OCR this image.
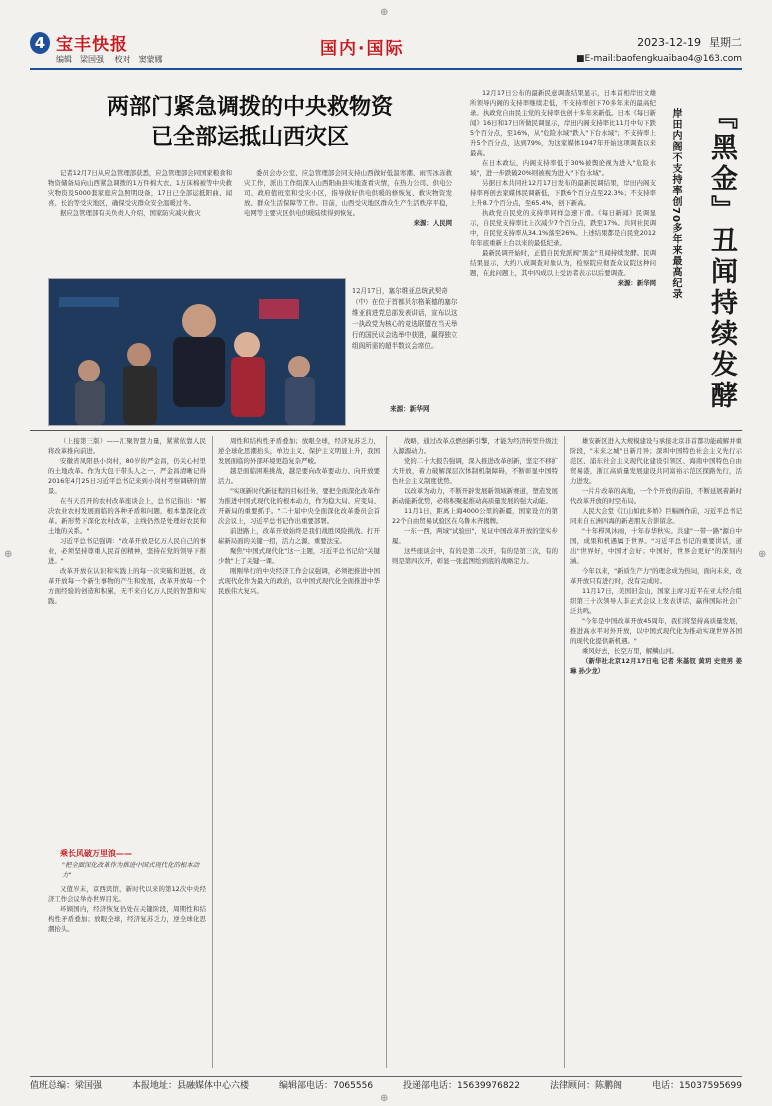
⊕
⊕
⊕	⊕
4 宝丰快报
编辑 梁国强 校对 窦蒙娜
国内·国际	2023-12-19 星期二
■E-mail:baofengkuaibao4@163.com
两部门紧急调拨的中央救物资
已全部运抵山西灾区

记者12月7日从应急管理部获悉，应急管理部会同国家粮食和物资储备局向山西紧急调拨的1万件棉大衣、1万床棉被等中央救灾物资及5000套家庭应急照明设备，17日已全部运抵阳曲、闻喜、长治等受灾地区，确保受灾群众安全温暖过冬。

据应急管理部有关负责人介绍，国家防灾减灾救灾

委员会办公室、应急管理部会同支持山西做好低温寒潮、雨雪冰冻救灾工作，派出工作组深入山西阳曲县实地查看灾情，在热力公司、供电公司、政府值班室和受灾小区，指导做好供电供暖的修恢复、救灾物资发放、群众生活保障等工作。目前，山西受灾地区群众生产生活秩序平稳，电网等主要灾区供电供暖陆续得到恢复。

来源：人民网

12月17日，塞尔维亚总统武契奇（中）在位于首都贝尔格莱德的塞尔维亚前进党总部发表讲话，宣布以这一执政党为核心的竞选联盟在当天举行的国民议会选举中获胜，赢得独立组阁所需的超半数议会席位。
来源：新华网

12月17日公布的最新民意调查结果显示，日本首相岸田文雄所领导内阁的支持率继续走低，不支持率创下70多年来的最高纪录。执政党自由民主党的支持率也创十多年来新低。日本《每日新闻》16日和17日所做民调显示，岸田内阁支持率比11月中旬下跌5个百分点，至16%，从"危险水域"跌入"下台水域"；不支持率上升5个百分点，达到79%，为这家媒体1947年开始这项调查以来最高。

在日本政坛，内阁支持率低于30%被舆论视为进入"危险水域"，进一步跌破20%则被视为进入"下台水域"。

另据日本共同社12月17日发布的最新民调结果，岸田内阁支持率再创去家媒体民调新低，下跌6个百分点至22.3%；不支持率上升8.7个百分点，至65.4%，创下新高。

执政党自民党的支持率同样急速下滑。《每日新闻》民调显示，自民党支持率比上次减少7个百分点，跌至17%。共同社民调中，自民党支持率从34.1%落至26%。上述结果都是自民党2012年年底重新上台以来的最低纪录。

最新民调开始时，正值自民党派阀"黑金"丑闻持续发酵。民调结果显示，大约八成调查对象认为，检察院应彻查众议院这种问题，在此问题上，其中四成以上受访者表示以后要调查。

来源：新华网 『黑金』丑闻持续发酵
岸田内阁不支持率创70多年来最高纪录

（上接第三版）——汇聚智慧力量，紧紧依靠人民将改革推向前进。

安徽省凤阳县小岗村，80岁的严金昌，仍关心村里的土地改革。作为大包干带头人之一，严金昌清晰记得2016年4月25日习近平总书记来到小岗村考察调研的情景。

在当天召开的农村改革座谈会上，总书记指出："解决农业农村发展面临的各种矛盾和问题，根本靠深化改革。新形势下深化农村改革，主线仍然是处理好农民和土地的关系。"

习近平总书记强调："改革开放是亿万人民自己的事业，必须坚持尊重人民首创精神，坚持在党的领导下推进。"

改革开放在认识和实践上的每一次突破和进展，改革开放每一个新生事物的产生和发展，改革开放每一个方面经验的创造和积累，无不来自亿万人民的智慧和实践。

乘长风破万里浪——
"把全面深化改革作为推进中国式现代化的根本动力"

又值岁末，京西宾馆，新时代以来的第12次中央经济工作会议举办世界目光。

环顾国内，经济恢复仍处在关键阶段，周期性和结构性矛盾叠加；放眼全球，经济复苏乏力，逆全球化思潮抬头。

周性和结构性矛盾叠加；放眼全球，经济复苏乏力，逆全球化思潮抬头，单边主义、保护主义明显上升，我国发展面临的外部环境更趋复杂严峻。

越是面临困难挑战，越是要向改革要动力、向开放要活力。

"实现新时代新征程的目标任务，要把全面深化改革作为推进中国式现代化的根本动力，作为稳大局、应变局、开新局的重要抓手。"二十届中央全面深化改革委员会首次会议上，习近平总书记作出重要部署。

前进路上，改革开放始终是我们战胜风险挑战、打开崭新局面的关键一招，活力之源、重要法宝。

聚焦"中国式现代化"这一主题，习近平总书记给"关键少数"上了关键一课。

刚刚举行的中央经济工作会议强调，必须把推进中国式现代化作为最大的政治，以中国式现代化全面推进中华民族伟大复兴。

战略，通过改革点燃创新引擎，才能为经济转型升级注入源源动力。

党的二十大报告强调，深入推进改革创新，坚定不移扩大开放，着力破解深层次体制机制障碍，不断彰显中国特色社会主义制度优势。

以改革为动力，不断开辟发展新领域新赛道，塑造发展新动能新优势，必将积聚起推动高质量发展的强大动能。

11月1日，距离上海4000公里的新疆，国家设立的第22个自由贸易试验区在乌鲁木齐揭牌。

一东一西，两域"试验田"，见证中国改革开放的坚实步履。

这些座谈会中，有的是第二次开，有的是第三次，有的则是第四次开，彰显一张蓝图绘到底的战略定力。

雄安新区进入大规模建设与承接北京非首都功能疏解并重阶段，"未来之城"日新月异；深圳中国特色社会主义先行示范区、浦东社会主义现代化建设引领区、海南中国特色自由贸易港，浙江高质量发展建设共同富裕示范区探路先行，活力进发。

一片片改革的高地，一个个开放的前沿，不断延展着新时代改革开放的时空布局。

人民大会堂《江山如此多娇》巨幅画作前，习近平总书记同来自五洲四海的新老朋友合影留念。

"十年栉风沐雨，十年春华秋实。共建"一带一路"源自中国，成果和机遇属于世界。"习近平总书记的重要讲话，道出"世界好，中国才会好；中国好，世界会更好"的深刻内涵。

今年以来，"新质生产力"的理念成为热词，面向未来，改革开放只有进行时，没有完成时。

11月17日，美国旧金山，国家主席习近平在亚太经合组织第三十次领导人非正式会议上发表讲话，赢得国际社会广泛共鸣。

"今年是中国改革开放45周年，我们将坚持高质量发展，推进高水平对外开放，以中国式现代化为推动实现世界各国的现代化提供新机遇。"

乘风好去，长空万里，解鳞山河。

（新华社北京12月17日电 记者 朱基钗 黄玥 史竞男 姜琳 孙少龙）

值班总编：梁国强	本报地址：县融媒体中心六楼	编辑部电话：7065556	投递部电话：15639976822	法律顾问：陈鹏阁	电话：15037595699
